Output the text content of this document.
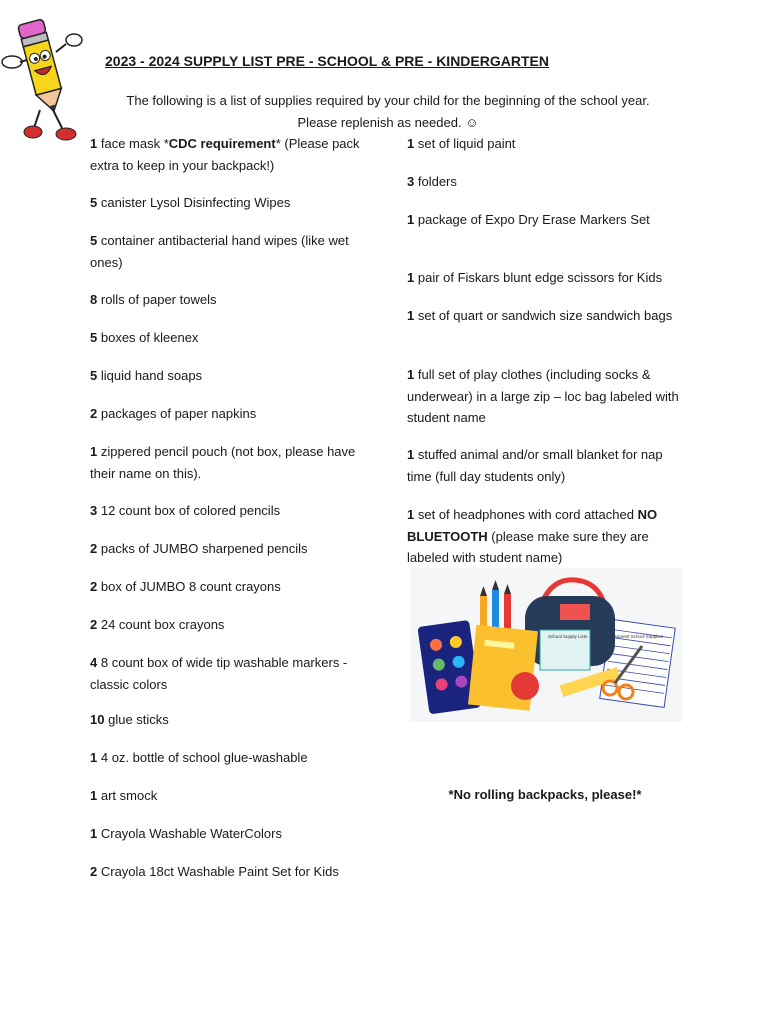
2023 - 2024 SUPPLY LIST PRE - SCHOOL & PRE - KINDERGARTEN
The following is a list of supplies required by your child for the beginning of the school year.
Please replenish as needed. ☺
1 face mask *CDC requirement* (Please pack extra to keep in your backpack!)
5 canister Lysol Disinfecting Wipes
5 container antibacterial hand wipes (like wet ones)
8 rolls of paper towels
5 boxes of kleenex
5 liquid hand soaps
2 packages of paper napkins
1 zippered pencil pouch (not box, please have their name on this).
3 12 count box of colored pencils
2 packs of JUMBO sharpened pencils
2 box of JUMBO 8 count crayons
2 24 count box crayons
4 8 count box of wide tip washable markers - classic colors
10 glue sticks
1 4 oz. bottle of school glue-washable
1 art smock
1 Crayola Washable WaterColors
2 Crayola 18ct Washable Paint Set for Kids
1 set of liquid paint
3 folders
1 package of Expo Dry Erase Markers Set
1 pair of Fiskars blunt edge scissors for Kids
1 set of quart or sandwich size sandwich bags
1 full set of play clothes (including socks & underwear) in a large zip – loc bag labeled with student name
1 stuffed animal and/or small blanket for nap time (full day students only)
1 set of headphones with cord attached NO BLUETOOTH (please make sure they are labeled with student name)
School Supply Lists - Clipart Transparent School Supplies
*No rolling backpacks, please!*
